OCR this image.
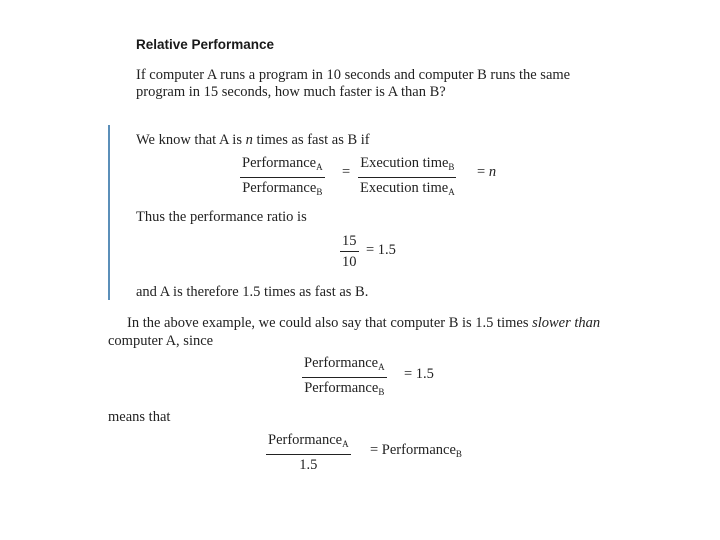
Relative Performance
If computer A runs a program in 10 seconds and computer B runs the same
program in 15 seconds, how much faster is A than B?
We know that A is n times as fast as B if
Performance$_A$
Performance$_B$
=
Execution time$_B$
Execution time$_A$
= n
Thus the performance ratio is
$\frac{15}{10} = 1.5$
and A is therefore 1.5 times as fast as B.
In the above example, we could also say that computer B is 1.5 times slower than
computer A, since
Performance$_A$
Performance$_B$
= 1.5
means that
Performance$_A$
1.5
= Performance$_B$
